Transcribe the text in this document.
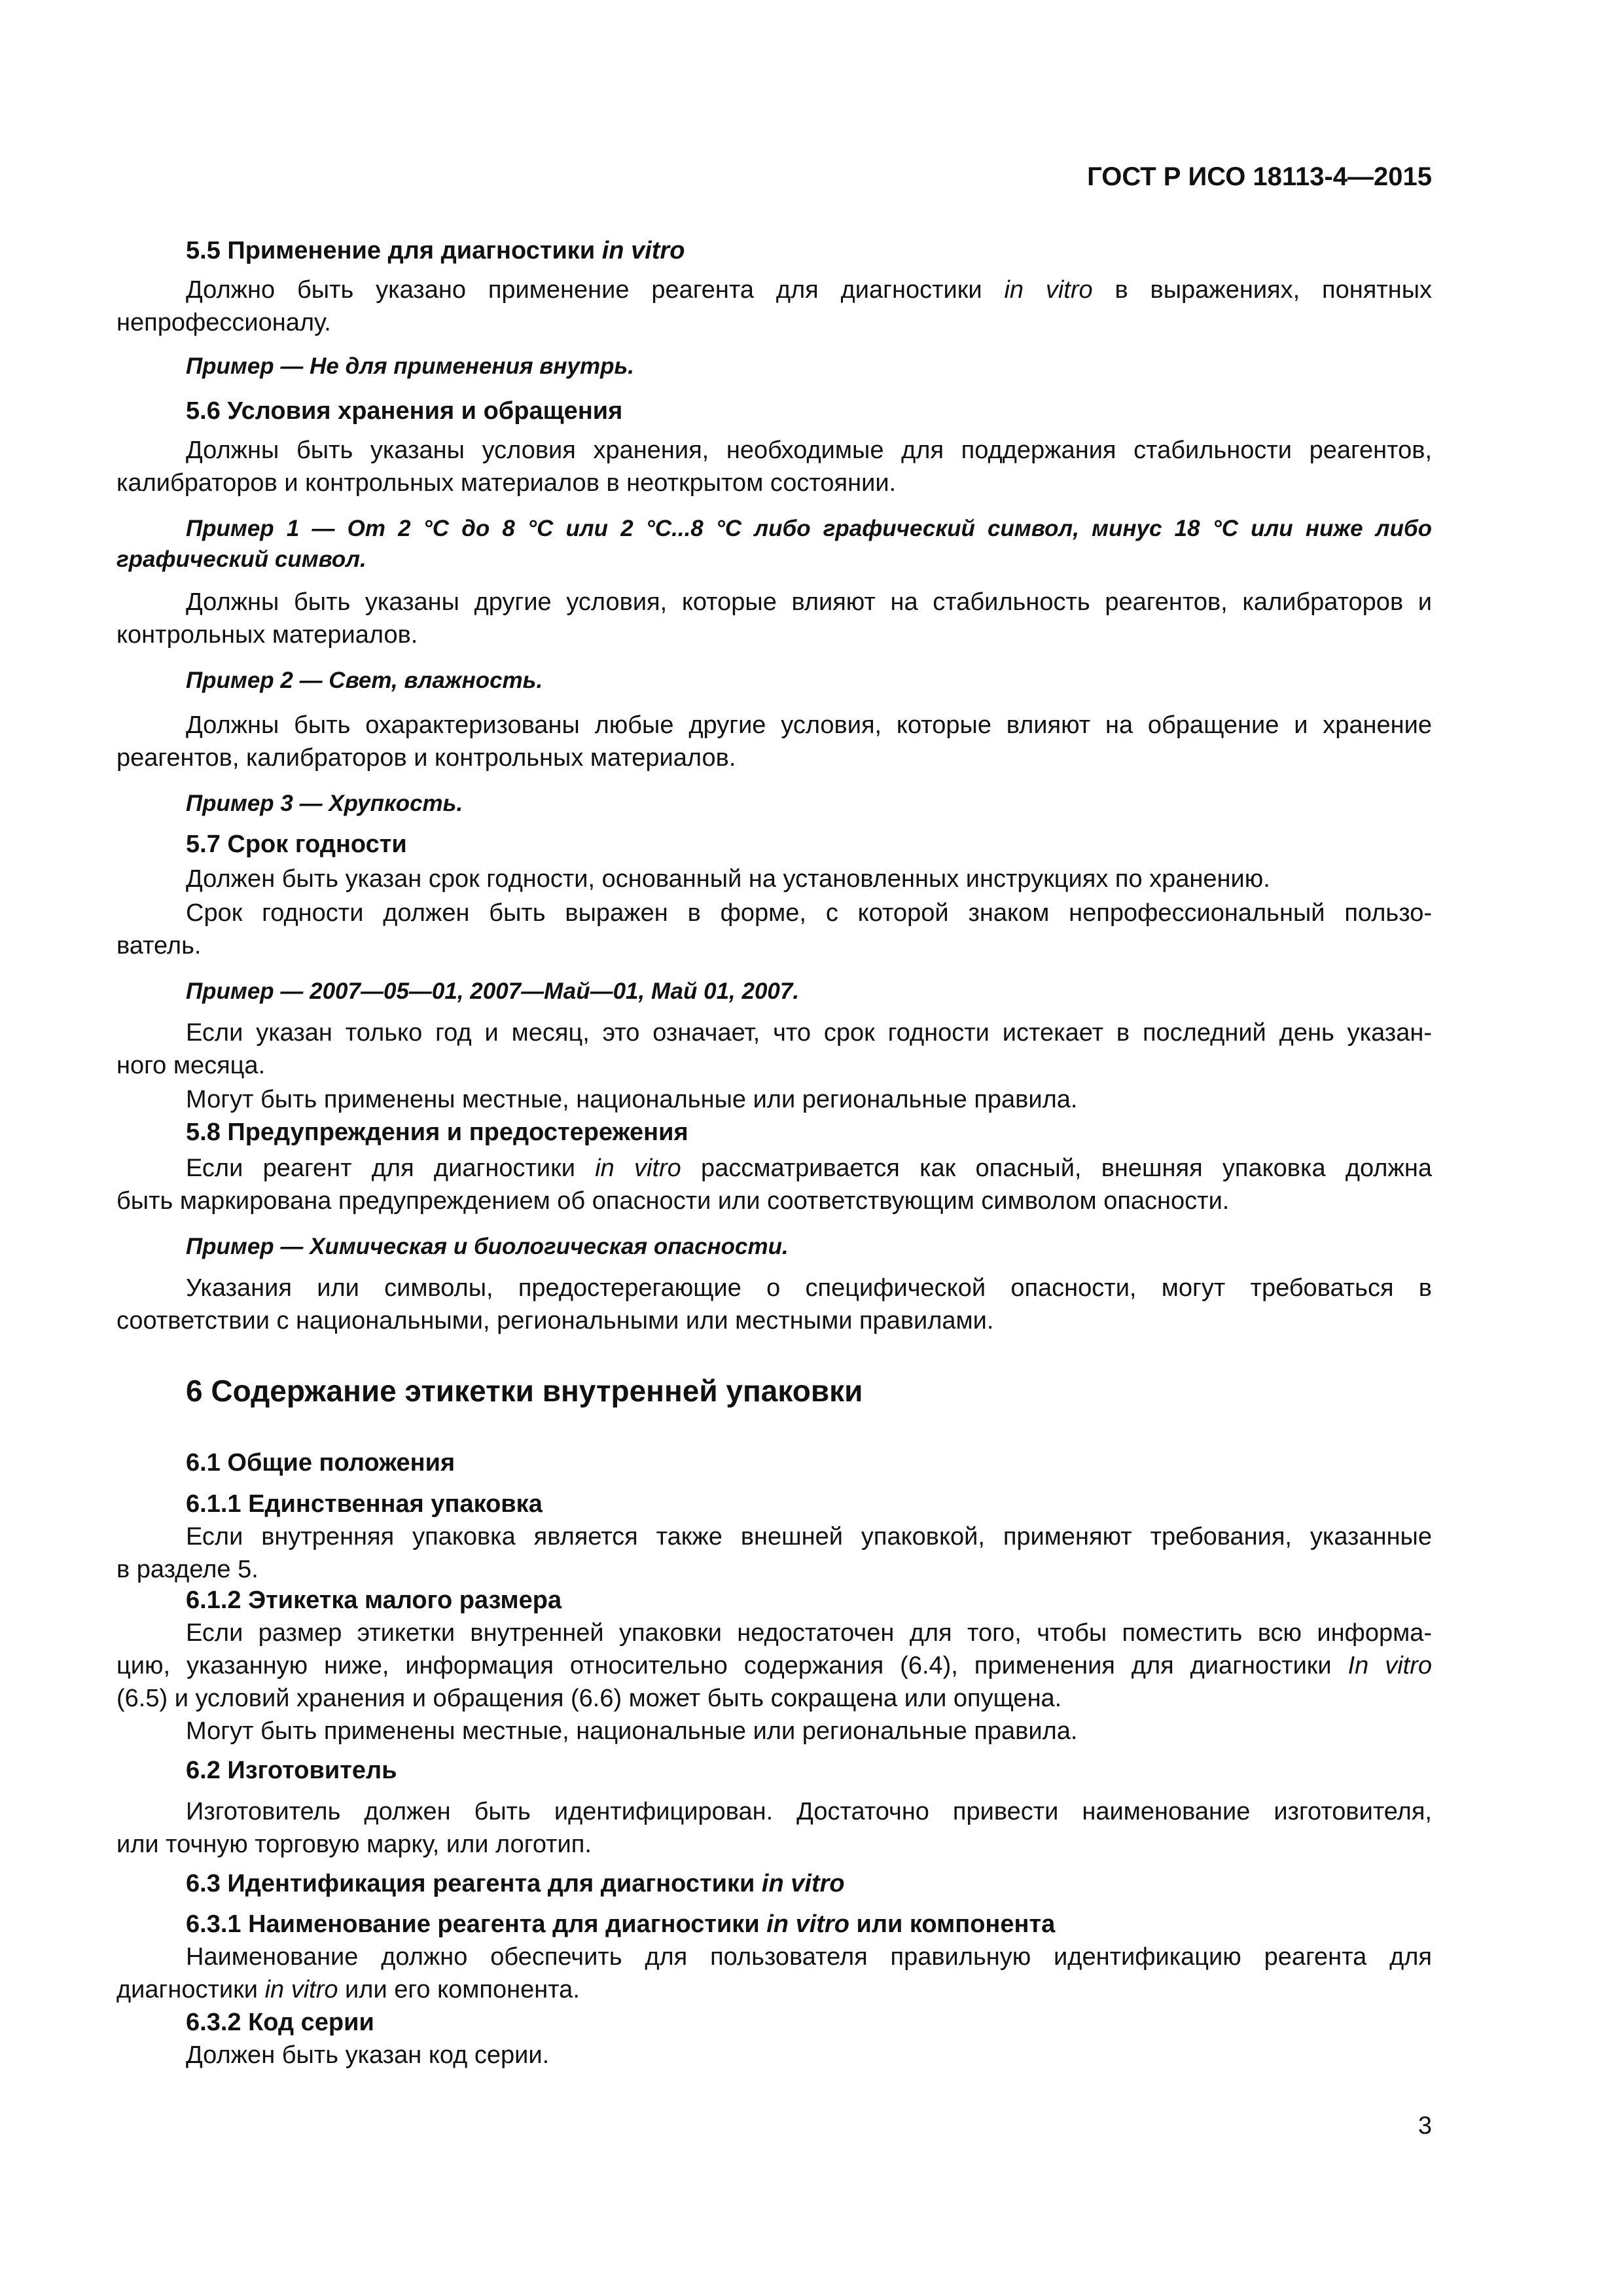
ГОСТ Р ИСО 18113-4—2015

5.5 Применение для диагностики in vitro

Должно быть указано применение реагента для диагностики in vitro в выражениях, понятных

непрофессионалу.

Пример — Не для применения внутрь.

5.6 Условия хранения и обращения

Должны быть указаны условия хранения, необходимые для поддержания стабильности реагентов,

калибраторов и контрольных материалов в неоткрытом состоянии.

Пример 1 — От 2 °С до 8 °С или 2 °С...8 °С либо графический символ, минус 18 °С или ниже либо

графический символ.

Должны быть указаны другие условия, которые влияют на стабильность реагентов, калибраторов и

контрольных материалов.

Пример 2 — Свет, влажность.

Должны быть охарактеризованы любые другие условия, которые влияют на обращение и хранение

реагентов, калибраторов и контрольных материалов.

Пример 3 — Хрупкость.

5.7 Срок годности

Должен быть указан срок годности, основанный на установленных инструкциях по хранению.

Срок годности должен быть выражен в форме, с которой знаком непрофессиональный пользо-

ватель.

Пример — 2007—05—01, 2007—Май—01, Май 01, 2007.

Если указан только год и месяц, это означает, что срок годности истекает в последний день указан-

ного месяца.

Могут быть применены местные, национальные или региональные правила.

5.8 Предупреждения и предостережения

Если реагент для диагностики in vitro рассматривается как опасный, внешняя упаковка должна

быть маркирована предупреждением об опасности или соответствующим символом опасности.

Пример — Химическая и биологическая опасности.

Указания или символы, предостерегающие о специфической опасности, могут требоваться в

соответствии с национальными, региональными или местными правилами.

6 Содержание этикетки внутренней упаковки

6.1 Общие положения

6.1.1 Единственная упаковка

Если внутренняя упаковка является также внешней упаковкой, применяют требования, указанные

в разделе 5.

6.1.2 Этикетка малого размера

Если размер этикетки внутренней упаковки недостаточен для того, чтобы поместить всю информа-

цию, указанную ниже, информация относительно содержания (6.4), применения для диагностики In vitro

(6.5) и условий хранения и обращения (6.6) может быть сокращена или опущена.

Могут быть применены местные, национальные или региональные правила.

6.2 Изготовитель

Изготовитель должен быть идентифицирован. Достаточно привести наименование изготовителя,

или точную торговую марку, или логотип.

6.3 Идентификация реагента для диагностики in vitro

6.3.1 Наименование реагента для диагностики in vitro или компонента

Наименование должно обеспечить для пользователя правильную идентификацию реагента для

диагностики in vitro или его компонента.

6.3.2 Код серии

Должен быть указан код серии.

3
